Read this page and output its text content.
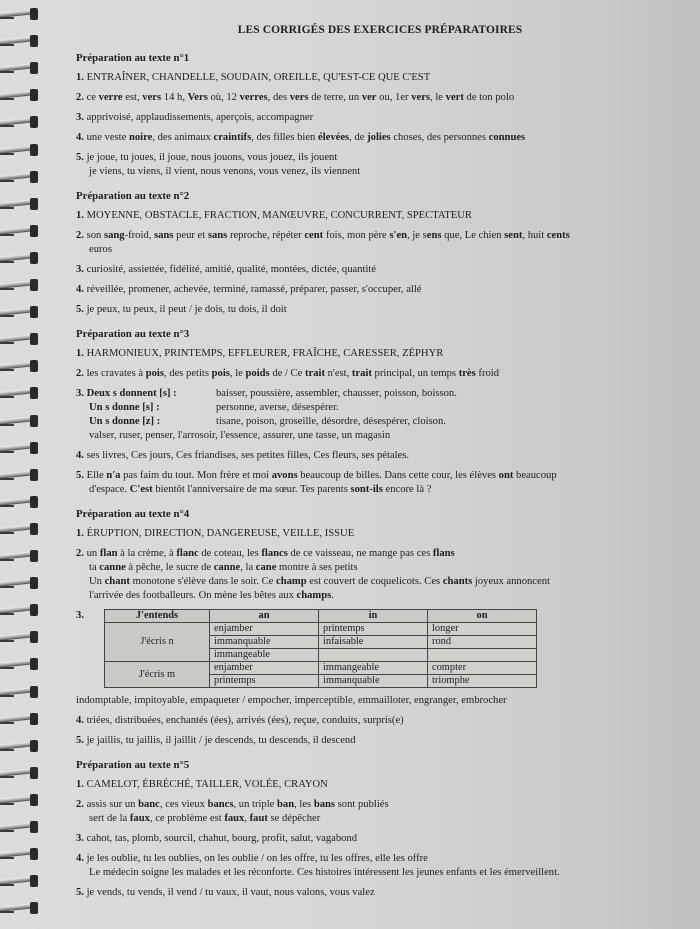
LES CORRIGÉS DES EXERCICES PRÉPARATOIRES
Préparation au texte n°1
1. ENTRAÎNER, CHANDELLE, SOUDAIN, OREILLE, QU'EST-CE QUE C'EST
2. ce verre est, vers 14 h, Vers où, 12 verres, des vers de terre, un ver ou, 1er vers, le vert de ton polo
3. apprivoisé, applaudissements, aperçois, accompagner
4. une veste noire, des animaux craintifs, des filles bien élevées, de jolies choses, des personnes connues
5. je joue, tu joues, il joue, nous jouons, vous jouez, ils jouent
je viens, tu viens, il vient, nous venons, vous venez, ils viennent
Préparation au texte n°2
1. MOYENNE, OBSTACLE, FRACTION, MANŒUVRE, CONCURRENT, SPECTATEUR
2. son sang-froid, sans peur et sans reproche, répéter cent fois, mon père s'en, je sens que, Le chien sent, huit cents
euros
3. curiosité, assiettée, fidélité, amitié, qualité, montées, dictée, quantité
4. réveillée, promener, achevée, terminé, ramassé, préparer, passer, s'occuper, allé
5. je peux, tu peux, il peut / je dois, tu dois, il doit
Préparation au texte n°3
1. HARMONIEUX, PRINTEMPS, EFFLEURER, FRAÎCHE, CARESSER, ZÉPHYR
2. les cravates à pois, des petits pois, le poids de / Ce trait n'est, trait principal, un temps très froid
3. Deux s donnent [s] :	baisser, poussière, assembler, chausser, poisson, boisson.
Un s donne [s] :	personne, averse, désespérer.
Un s donne [z] :	tisane, poison, groseille, désordre, désespérer, cloison.
valser, ruser, penser, l'arrosoir, l'essence, assurer, une tasse, un magasin
4. ses livres, Ces jours, Ces friandises, ses petites filles, Ces fleurs, ses pétales.
5. Elle n'a pas faim du tout. Mon frère et moi avons beaucoup de billes. Dans cette cour, les élèves ont beaucoup
d'espace. C'est bientôt l'anniversaire de ma sœur. Tes parents sont-ils encore là ?
Préparation au texte n°4
1. ÉRUPTION, DIRECTION, DANGEREUSE, VEILLE, ISSUE
2. un flan à la crème, à flanc de coteau, les flancs de ce vaisseau, ne mange pas ces flans
ta canne à pêche, le sucre de canne, la cane montre à ses petits
Un chant monotone s'élève dans le soir. Ce champ est couvert de coquelicots. Ces chants joyeux annoncent
l'arrivée des footballeurs. On mène les bêtes aux champs.
3.	J'entends	an	in	on
J'écris n	enjamber	printemps	longer
	immanquable	infaisable	rond
	immangeable		
J'écris m	enjamber	immangeable	compter
	printemps	immanquable	triomphe
indomptable, impitoyable, empaqueter / empocher, imperceptible, emmailloter, engranger, embrocher
4. triées, distribuées, enchantés (ées), arrivés (ées), reçue, conduits, surpris(e)
5. je jaillis, tu jaillis, il jaillit / je descends, tu descends, il descend
Préparation au texte n°5
1. CAMELOT, ÉBRÉCHÉ, TAILLER, VOLÉE, CRAYON
2. assis sur un banc, ces vieux bancs, un triple ban, les bans sont publiés
sert de la faux, ce problème est faux, faut se dépêcher
3. cahot, tas, plomb, sourcil, chahut, bourg, profit, salut, vagabond
4. je les oublie, tu les oublies, on les oublie / on les offre, tu les offres, elle les offre
Le médecin soigne les malades et les réconforte. Ces histoires intéressent les jeunes enfants et les émerveillent.
5. je vends, tu vends, il vend / tu vaux, il vaut, nous valons, vous valez
